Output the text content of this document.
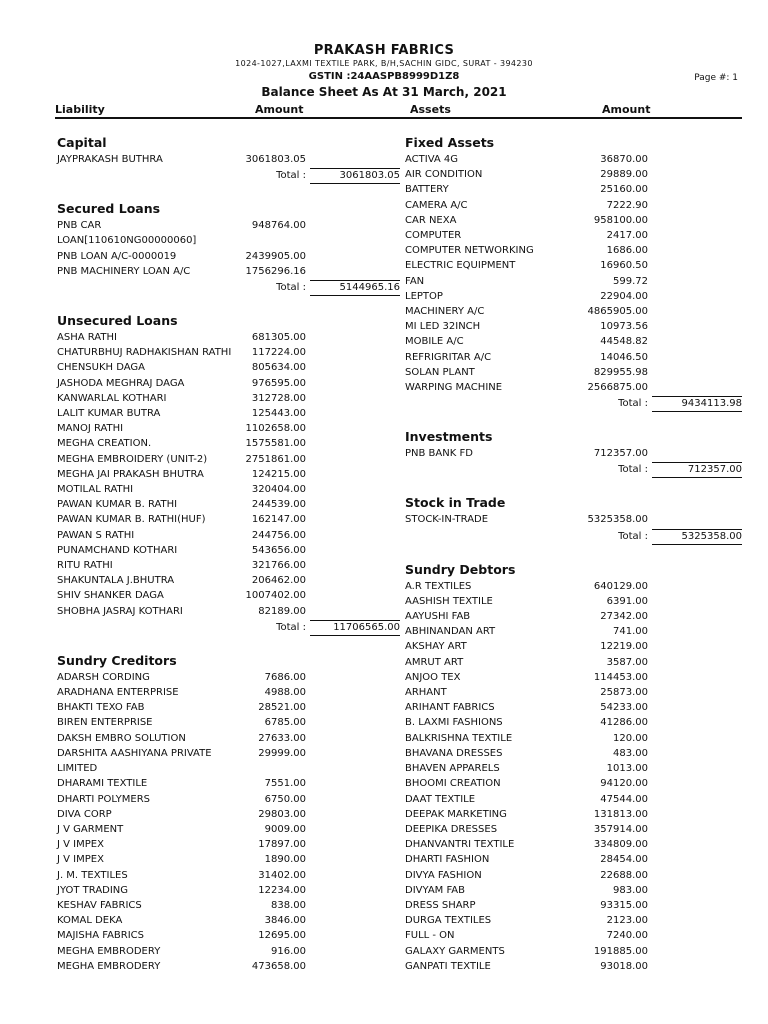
PRAKASH FABRICS
1024-1027,LAXMI TEXTILE PARK, B/H,SACHIN GIDC, SURAT - 394230
GSTIN :24AASPB8999D1Z8	Page #: 1
Balance Sheet As At 31 March, 2021
Liability	Amount	Assets	Amount
Capital
JAYPRAKASH BUTHRA	3061803.05
Total :	3061803.05
Secured Loans
PNB CAR LOAN[110610NG00000060]
948764.00
PNB LOAN A/C-0000019	2439905.00
PNB MACHINERY LOAN A/C	1756296.16
Total :	5144965.16
Unsecured Loans
ASHA RATHI	681305.00
CHATURBHUJ RADHAKISHAN RATHI	117224.00
CHENSUKH DAGA	805634.00
JASHODA MEGHRAJ DAGA	976595.00
KANWARLAL KOTHARI	312728.00
LALIT KUMAR BUTRA	125443.00
MANOJ RATHI	1102658.00
MEGHA CREATION.	1575581.00
MEGHA EMBROIDERY (UNIT-2)	2751861.00
MEGHA JAI PRAKASH BHUTRA	124215.00
MOTILAL RATHI	320404.00
PAWAN KUMAR B. RATHI	244539.00
PAWAN KUMAR B. RATHI(HUF)	162147.00
PAWAN S RATHI	244756.00
PUNAMCHAND KOTHARI	543656.00
RITU RATHI	321766.00
SHAKUNTALA J.BHUTRA	206462.00
SHIV SHANKER DAGA	1007402.00
SHOBHA JASRAJ KOTHARI	82189.00
Total :	11706565.00
Sundry Creditors
ADARSH CORDING	7686.00
ARADHANA ENTERPRISE	4988.00
BHAKTI TEXO FAB	28521.00
BIREN ENTERPRISE	6785.00
DAKSH EMBRO SOLUTION	27633.00
DARSHITA AASHIYANA PRIVATE LIMITED
29999.00
DHARAMI TEXTILE	7551.00
DHARTI POLYMERS	6750.00
DIVA CORP	29803.00
J V GARMENT	9009.00
J V IMPEX	17897.00
J V IMPEX	1890.00
J. M. TEXTILES	31402.00
JYOT TRADING	12234.00
KESHAV FABRICS	838.00
KOMAL DEKA	3846.00
MAJISHA FABRICS	12695.00
MEGHA EMBRODERY	916.00
MEGHA EMBRODERY	473658.00
Fixed Assets
ACTIVA 4G	36870.00
AIR CONDITION	29889.00
BATTERY	25160.00
CAMERA A/C	7222.90
CAR NEXA	958100.00
COMPUTER	2417.00
COMPUTER NETWORKING	1686.00
ELECTRIC EQUIPMENT	16960.50
FAN	599.72
LEPTOP	22904.00
MACHINERY A/C	4865905.00
MI LED 32INCH	10973.56
MOBILE A/C	44548.82
REFRIGRITAR A/C	14046.50
SOLAN PLANT	829955.98
WARPING MACHINE	2566875.00
Total :	9434113.98
Investments
PNB BANK FD	712357.00
Total :	712357.00
Stock in Trade
STOCK-IN-TRADE	5325358.00
Total :	5325358.00
Sundry Debtors
A.R TEXTILES	640129.00
AASHISH TEXTILE	6391.00
AAYUSHI FAB	27342.00
ABHINANDAN ART	741.00
AKSHAY ART	12219.00
AMRUT ART	3587.00
ANJOO TEX	114453.00
ARHANT	25873.00
ARIHANT FABRICS	54233.00
B. LAXMI FASHIONS	41286.00
BALKRISHNA TEXTILE	120.00
BHAVANA DRESSES	483.00
BHAVEN APPARELS	1013.00
BHOOMI CREATION	94120.00
DAAT TEXTILE	47544.00
DEEPAK MARKETING	131813.00
DEEPIKA DRESSES	357914.00
DHANVANTRI TEXTILE	334809.00
DHARTI FASHION	28454.00
DIVYA FASHION	22688.00
DIVYAM FAB	983.00
DRESS SHARP	93315.00
DURGA TEXTILES	2123.00
FULL - ON	7240.00
GALAXY GARMENTS	191885.00
GANPATI TEXTILE	93018.00
